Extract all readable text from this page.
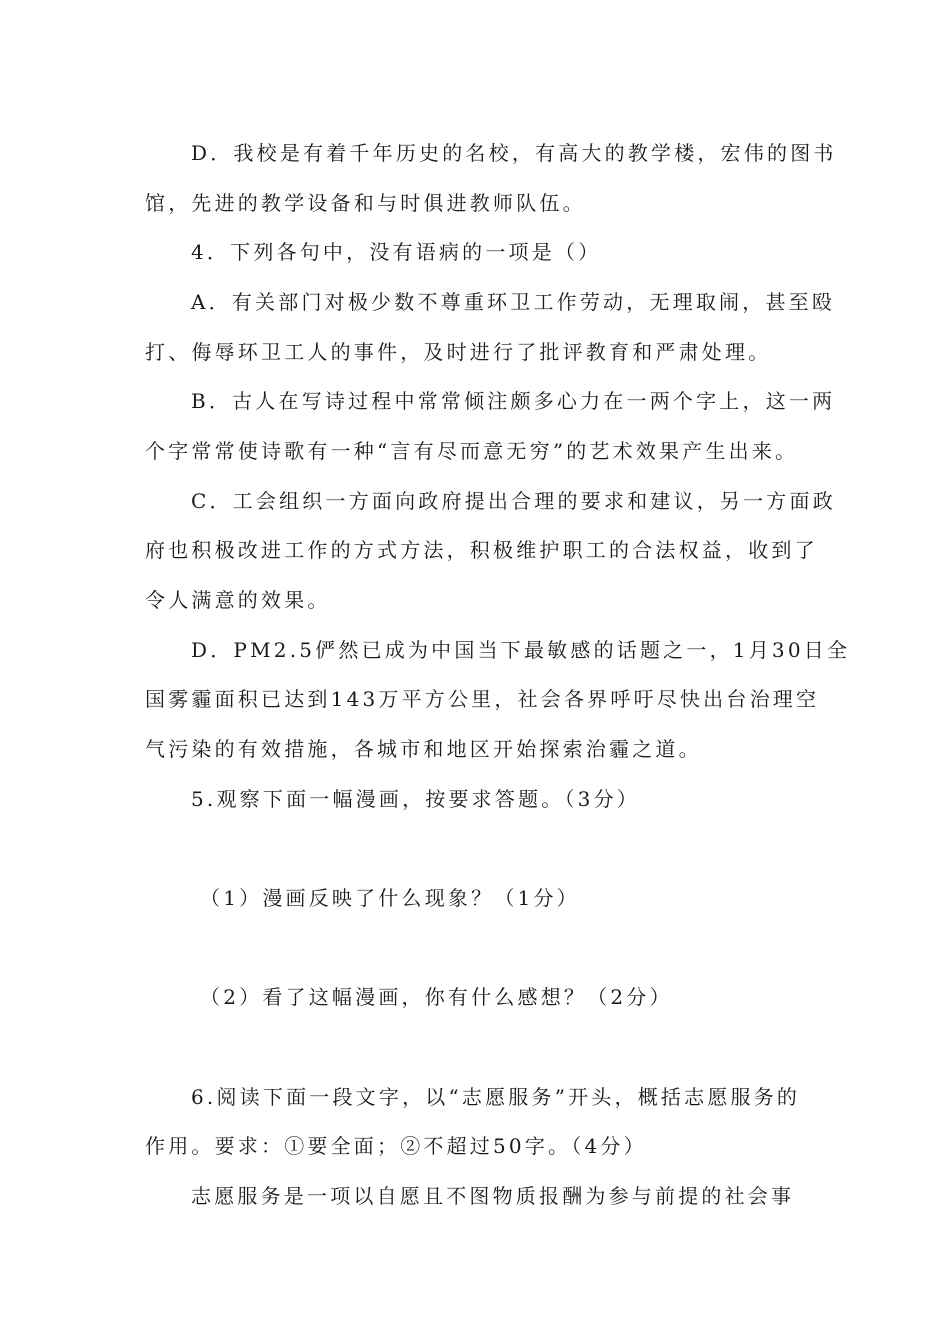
D．我校是有着千年历史的名校，有高大的教学楼，宏伟的图书
馆，先进的教学设备和与时俱进教师队伍。
4．下列各句中，没有语病的一项是（）
A．有关部门对极少数不尊重环卫工作劳动，无理取闹，甚至殴
打、侮辱环卫工人的事件，及时进行了批评教育和严肃处理。
B．古人在写诗过程中常常倾注颇多心力在一两个字上，这一两
个字常常使诗歌有一种“言有尽而意无穷”的艺术效果产生出来。
C．工会组织一方面向政府提出合理的要求和建议，另一方面政
府也积极改进工作的方式方法，积极维护职工的合法权益，收到了
令人满意的效果。
D．PM2.5俨然已成为中国当下最敏感的话题之一，1月30日全
国雾霾面积已达到143万平方公里，社会各界呼吁尽快出台治理空
气污染的有效措施，各城市和地区开始探索治霾之道。
5.观察下面一幅漫画，按要求答题。（3分）
（1）漫画反映了什么现象？（1分）
（2）看了这幅漫画，你有什么感想？（2分）
6.阅读下面一段文字，以“志愿服务”开头，概括志愿服务的
作用。要求：①要全面；②不超过50字。（4分）
志愿服务是一项以自愿且不图物质报酬为参与前提的社会事
